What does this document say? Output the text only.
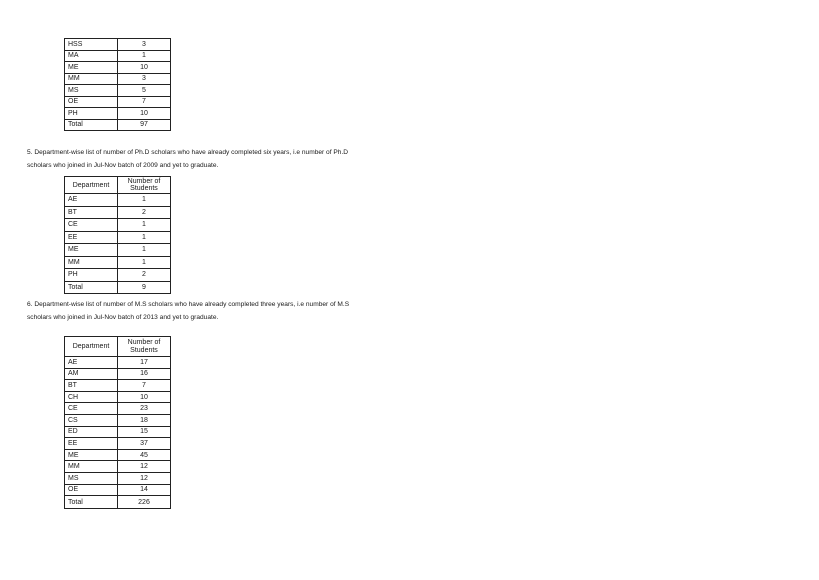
HSS	3
MA	1
ME	10
MM	3
MS	5
OE	7
PH	10
Total	97
5. Department-wise list of number of Ph.D scholars who have already completed six years, i.e number of Ph.D
scholars who joined in Jul-Nov batch of 2009 and yet to graduate.
Department	Number of Students
AE	1
BT	2
CE	1
EE	1
ME	1
MM	1
PH	2
Total	9
6. Department-wise list of number of M.S scholars who have already completed three years, i.e number of M.S
scholars who joined in Jul-Nov batch of 2013 and yet to graduate.
Department	Number of Students
AE	17
AM	16
BT	7
CH	10
CE	23
CS	18
ED	15
EE	37
ME	45
MM	12
MS	12
OE	14
Total	226
